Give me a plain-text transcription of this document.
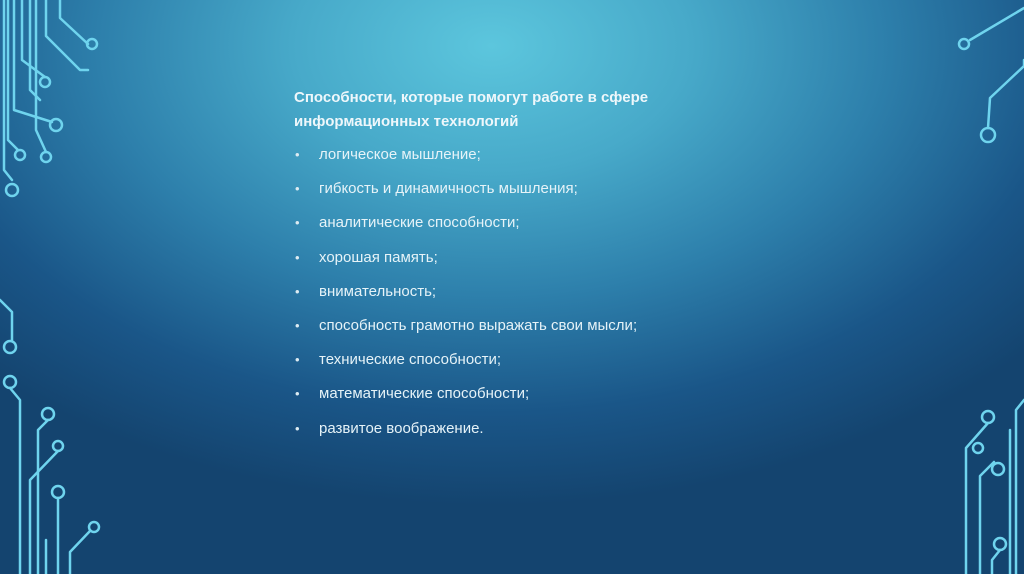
Способности, которые помогут работе в сфере
информационных технологий
• логическое мышление;
• гибкость и динамичность мышления;
• аналитические способности;
• хорошая память;
• внимательность;
• способность грамотно выражать свои мысли;
• технические способности;
• математические способности;
• развитое воображение.
